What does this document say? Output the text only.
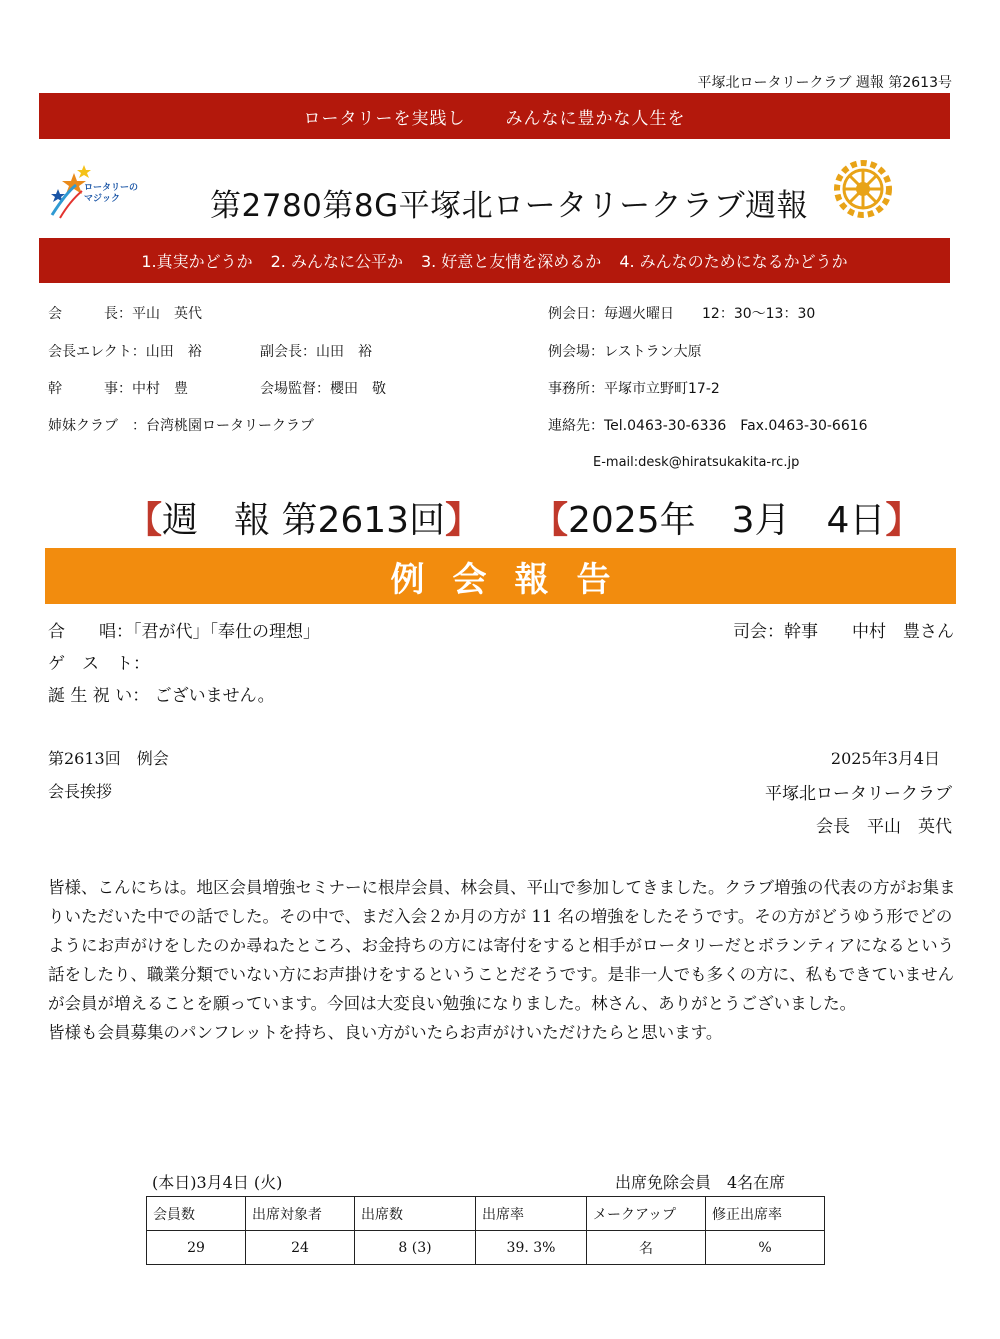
平塚北ロータリークラブ 週報 第2613号
ロータリーを実践し みんなに豊かな人生を
ロータリーの
マジック	第2780第8G平塚北ロータリークラブ週報
1.真実かどうか 2. みんなに公平か 3. 好意と友情を深めるか 4. みんなのためになるかどうか
会　　　長：平山　英代
会長エレクト：山田　裕	副会長：山田　裕
幹　　　事：中村　豊	会場監督：櫻田　敬
姉妹クラブ　：台湾桃園ロータリークラブ
例会日：毎週火曜日　　12：30〜13：30
例会場：レストラン大原
事務所：平塚市立野町17-2
連絡先：Tel.0463-30-6336　Fax.0463-30-6616
E-mail:desk@hiratsukakita-rc.jp
【週　報 第2613回】 【2025年　3月　4日】
例会報告
合　　唱：「君が代」「奉仕の理想」	司会：幹事　　中村　豊さん
ゲ　ス　ト：
誕 生 祝 い： ございません。
第2613回　例会	2025年3月4日
会長挨拶	平塚北ロータリークラブ
会長　平山　英代

皆様、こんにちは。地区会員増強セミナーに根岸会員、林会員、平山で参加してきました。クラブ増強の代表の方がお集まりいただいた中での話でした。その中で、まだ入会２か月の方が 11 名の増強をしたそうです。その方がどうゆう形でどのようにお声がけをしたのか尋ねたところ、お金持ちの方には寄付をすると相手がロータリーだとボランティアになるという話をしたり、職業分類でいない方にお声掛けをするということだそうです。是非一人でも多くの方に、私もできていませんが会員が増えることを願っています。今回は大変良い勉強になりました。林さん、ありがとうございました。

皆様も会員募集のパンフレットを持ち、良い方がいたらお声がけいただけたらと思います。

(本日)3月4日 (火)	出席免除会員　4名在席
会員数	出席対象者	出席数	出席率	メークアップ	修正出席率
29	24	8 (3)	39. 3%	名	%
